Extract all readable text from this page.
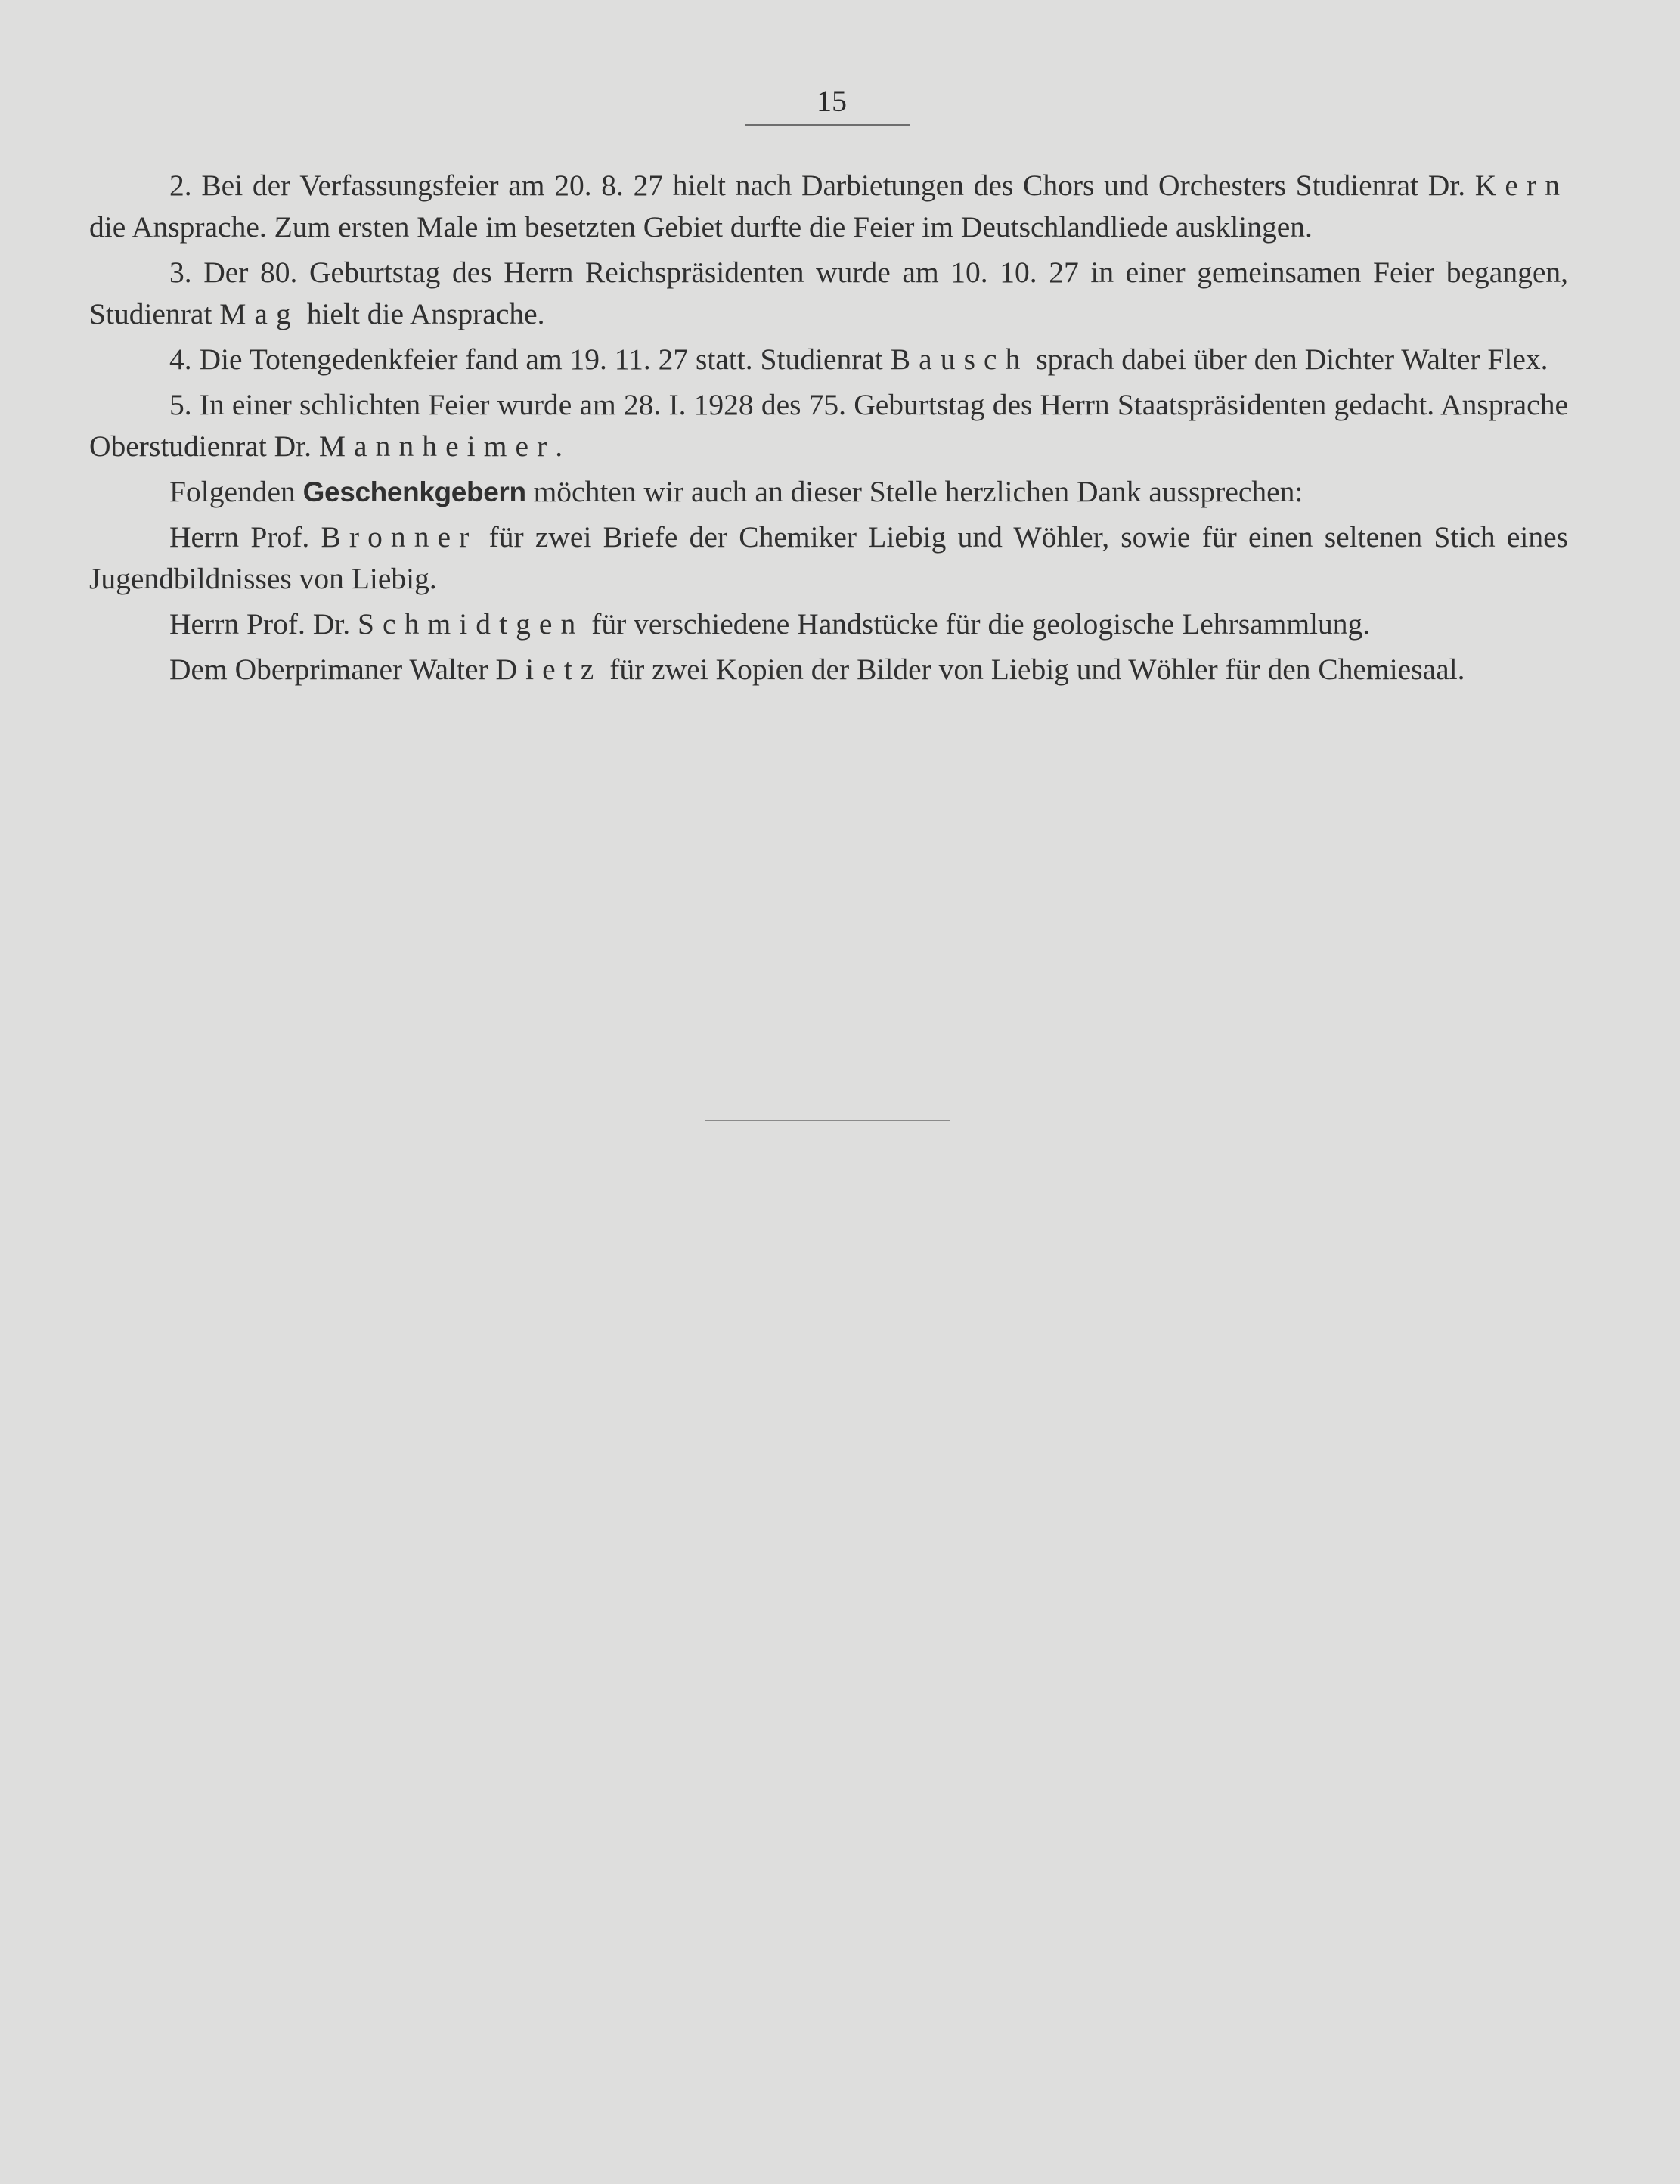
15

2. Bei der Verfassungsfeier am 20. 8. 27 hielt nach Darbietungen des Chors und Orchesters Studienrat Dr. Kern die Ansprache. Zum ersten Male im besetzten Gebiet durfte die Feier im Deutschlandliede ausklingen.

3. Der 80. Geburtstag des Herrn Reichspräsidenten wurde am 10. 10. 27 in einer gemeinsamen Feier begangen, Studienrat Mag hielt die Ansprache.

4. Die Totengedenkfeier fand am 19. 11. 27 statt. Studienrat Bausch sprach dabei über den Dichter Walter Flex.

5. In einer schlichten Feier wurde am 28. I. 1928 des 75. Geburtstag des Herrn Staatspräsidenten gedacht. Ansprache Oberstudienrat Dr. Mannheimer.

Folgenden Geschenkgebern möchten wir auch an dieser Stelle herzlichen Dank aussprechen:

Herrn Prof. Bronner für zwei Briefe der Chemiker Liebig und Wöhler, sowie für einen seltenen Stich eines Jugendbildnisses von Liebig.

Herrn Prof. Dr. Schmidtgen für verschiedene Handstücke für die geologische Lehrsammlung.

Dem Oberprimaner Walter Dietz für zwei Kopien der Bilder von Liebig und Wöhler für den Chemiesaal.
